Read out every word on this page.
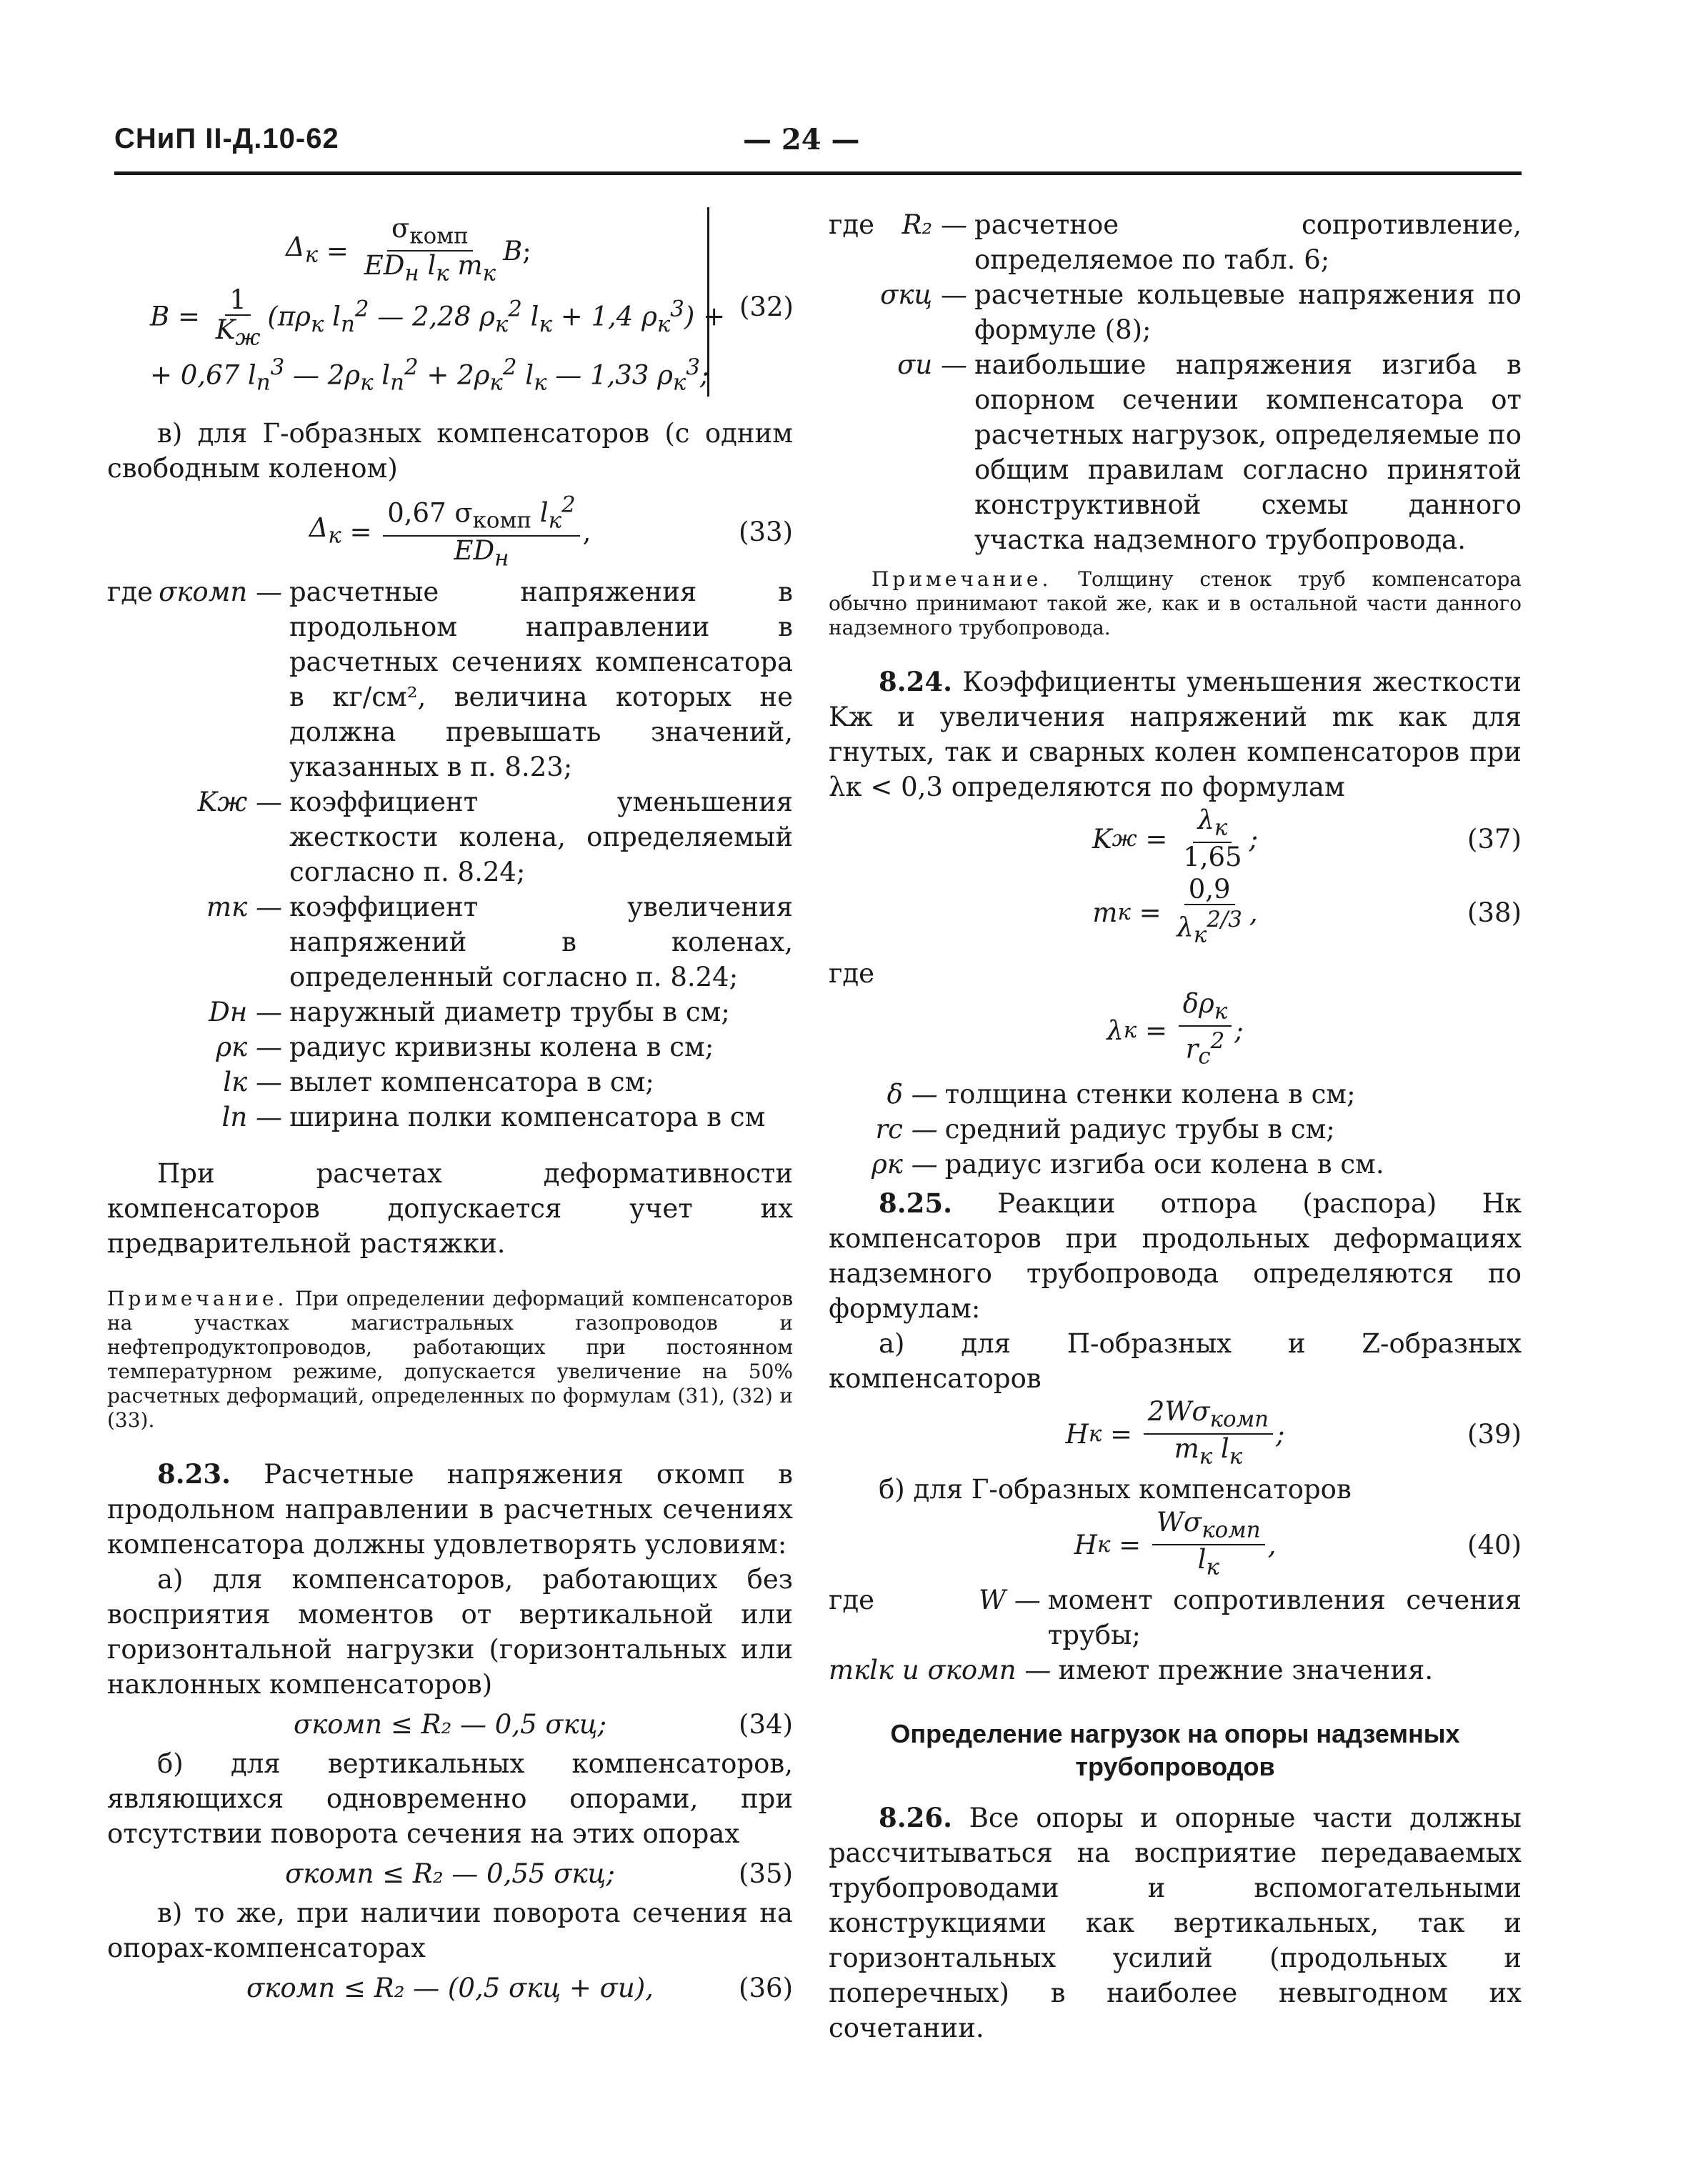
СНиП II-Д.10-62	— 24 —
$\Delta_к = \frac{\sigma_{комп}}{ED_н l_к m_к}$ B ;
$B = \frac{1}{K_ж} (\pi\rho_к$ $l_п^2$ — 2,28 $\rho_к^2$ $l_к + 1,4$ $\rho_к^3$) +
+ 0,67 $l_п^3$ — $2\rho_к$ $l_п^2 + 2\rho_к^2$ $l_к$ — 1,33 $\rho_к^3$;
(32)

в) для Г-образных компенсаторов (с одним свободным коленом)

$\Delta_к = \frac{0,67 \sigma_{комп} l_к^2}{ED_н}$ ,	(33)
где σкомп — расчетные напряжения в продольном направлении в расчетных сечениях компенсатора в кг/см², величина которых не должна превышать значений, указанных в п. 8.23;
Kж — коэффициент уменьшения жесткости колена, определяемый согласно п. 8.24;
mк — коэффициент увеличения напряжений в коленах, определенный согласно п. 8.24;
Dн — наружный диаметр трубы в см;
ρк — радиус кривизны колена в см;
lк — вылет компенсатора в см;
lп — ширина полки компенсатора в см

При расчетах деформативности компенсаторов допускается учет их предварительной растяжки.

Примечание. При определении деформаций компенсаторов на участках магистральных газопроводов и нефтепродуктопроводов, работающих при постоянном температурном режиме, допускается увеличение на 50% расчетных деформаций, определенных по формулам (31), (32) и (33).

8.23. Расчетные напряжения σкомп в продольном направлении в расчетных сечениях компенсатора должны удовлетворять условиям:

а) для компенсаторов, работающих без восприятия моментов от вертикальной или горизонтальной нагрузки (горизонтальных или наклонных компенсаторов)

σкомп ≤ R₂ — 0,5 σкц;	(34)

б) для вертикальных компенсаторов, являющихся одновременно опорами, при отсутствии поворота сечения на этих опорах

σкомп ≤ R₂ — 0,55 σкц;	(35)

в) то же, при наличии поворота сечения на опорах-компенсаторах

σкомп ≤ R₂ — (0,5 σкц + σи),	(36)
где	R₂ — расчетное сопротивление, определяемое по табл. 6;
σкц — расчетные кольцевые напряжения по формуле (8);
σи — наибольшие напряжения изгиба в опорном сечении компенсатора от расчетных нагрузок, определяемые по общим правилам согласно принятой конструктивной схемы данного участка надземного трубопровода.

Примечание. Толщину стенок труб компенсатора обычно принимают такой же, как и в остальной части данного надземного трубопровода.

8.24. Коэффициенты уменьшения жесткости Kж и увеличения напряжений mк как для гнутых, так и сварных колен компенсаторов при λк < 0,3 определяются по формулам

K $ж = \frac{\lambda_к}{1,65}$ ;	(37)
m $к = \frac{0,9}{\lambda_к^{2/3}}$ ,	(38)

где

λ $к = \frac{\delta\rho_к}{r_с^2}$ ;
δ — толщина стенки колена в см;
rс — средний радиус трубы в см;
ρк — радиус изгиба оси колена в см.

8.25. Реакции отпора (распора) Hк компенсаторов при продольных деформациях надземного трубопровода определяются по формулам:

а) для П-образных и Z-образных компенсаторов

H $к = \frac{2W\sigma_{комп}}{m_к l_к}$ ;	(39)

б) для Г-образных компенсаторов

H $к = \frac{W\sigma_{комп}}{l_к}$ ,	(40)
где	W — момент сопротивления сечения трубы;
mкlк и σкомп — имеют прежние значения.
Определение нагрузок на опоры надземных трубопроводов

8.26. Все опоры и опорные части должны рассчитываться на восприятие передаваемых трубопроводами и вспомогательными конструкциями как вертикальных, так и горизонтальных усилий (продольных и поперечных) в наиболее невыгодном их сочетании.
